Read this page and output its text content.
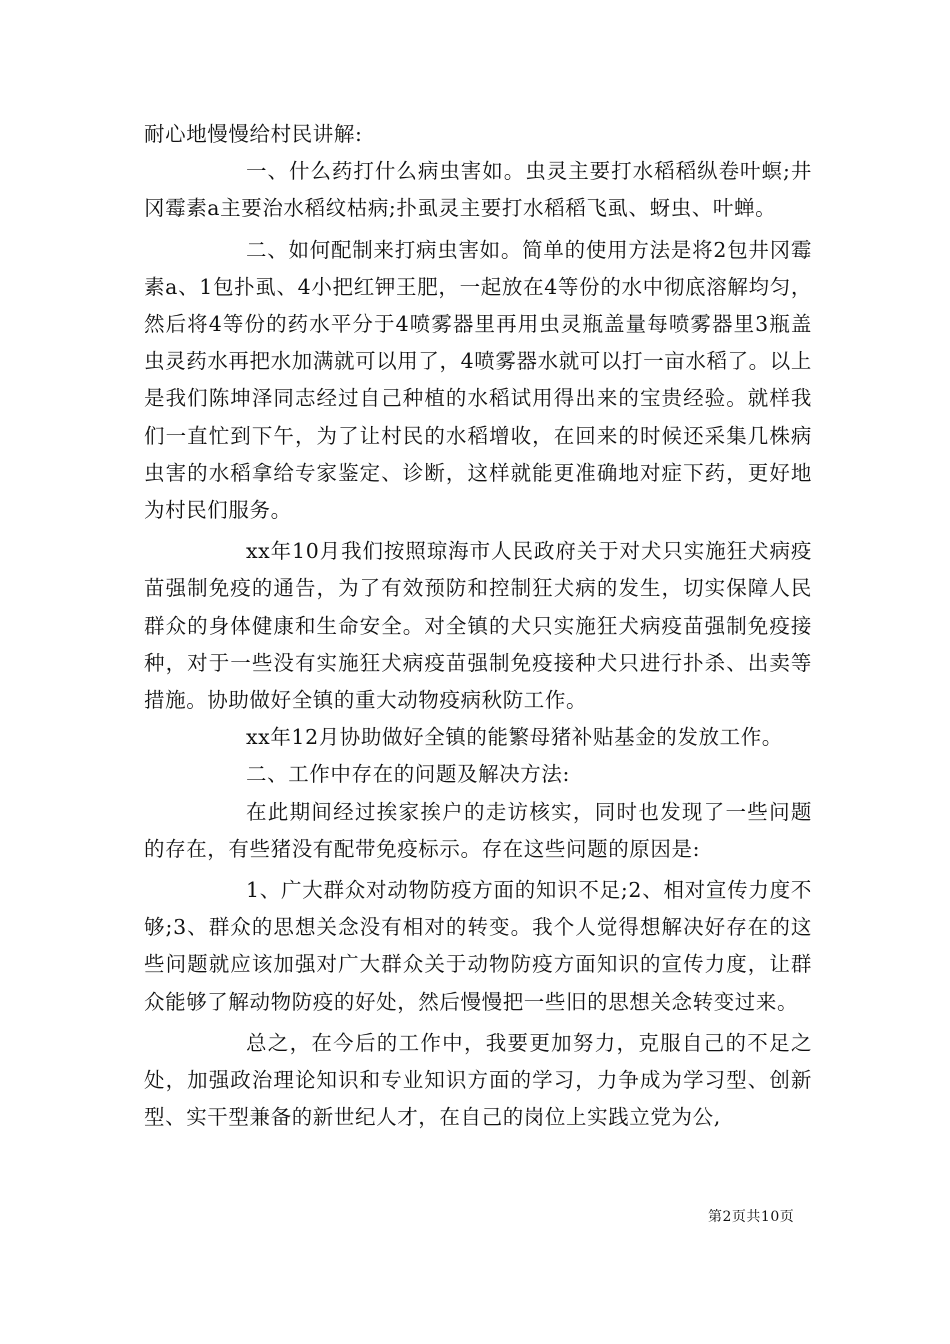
耐心地慢慢给村民讲解:

一、什么药打什么病虫害如。虫灵主要打水稻稻纵卷叶螟;井冈霉素a主要治水稻纹枯病;扑虱灵主要打水稻稻飞虱、蚜虫、叶蝉。

二、如何配制来打病虫害如。简单的使用方法是将2包井冈霉素a、1包扑虱、4小把红钾王肥，一起放在4等份的水中彻底溶解均匀，然后将4等份的药水平分于4喷雾器里再用虫灵瓶盖量每喷雾器里3瓶盖虫灵药水再把水加满就可以用了，4喷雾器水就可以打一亩水稻了。以上是我们陈坤泽同志经过自己种植的水稻试用得出来的宝贵经验。就样我们一直忙到下午，为了让村民的水稻增收，在回来的时候还采集几株病虫害的水稻拿给专家鉴定、诊断，这样就能更准确地对症下药，更好地为村民们服务。

xx年10月我们按照琼海市人民政府关于对犬只实施狂犬病疫苗强制免疫的通告，为了有效预防和控制狂犬病的发生，切实保障人民群众的身体健康和生命安全。对全镇的犬只实施狂犬病疫苗强制免疫接种，对于一些没有实施狂犬病疫苗强制免疫接种犬只进行扑杀、出卖等措施。协助做好全镇的重大动物疫病秋防工作。

xx年12月协助做好全镇的能繁母猪补贴基金的发放工作。

二、工作中存在的问题及解决方法:

在此期间经过挨家挨户的走访核实，同时也发现了一些问题的存在，有些猪没有配带免疫标示。存在这些问题的原因是:

1、广大群众对动物防疫方面的知识不足;2、相对宣传力度不够;3、群众的思想关念没有相对的转变。我个人觉得想解决好存在的这些问题就应该加强对广大群众关于动物防疫方面知识的宣传力度，让群众能够了解动物防疫的好处，然后慢慢把一些旧的思想关念转变过来。

总之，在今后的工作中，我要更加努力，克服自己的不足之处，加强政治理论知识和专业知识方面的学习，力争成为学习型、创新型、实干型兼备的新世纪人才，在自己的岗位上实践立党为公,

第2页共10页
